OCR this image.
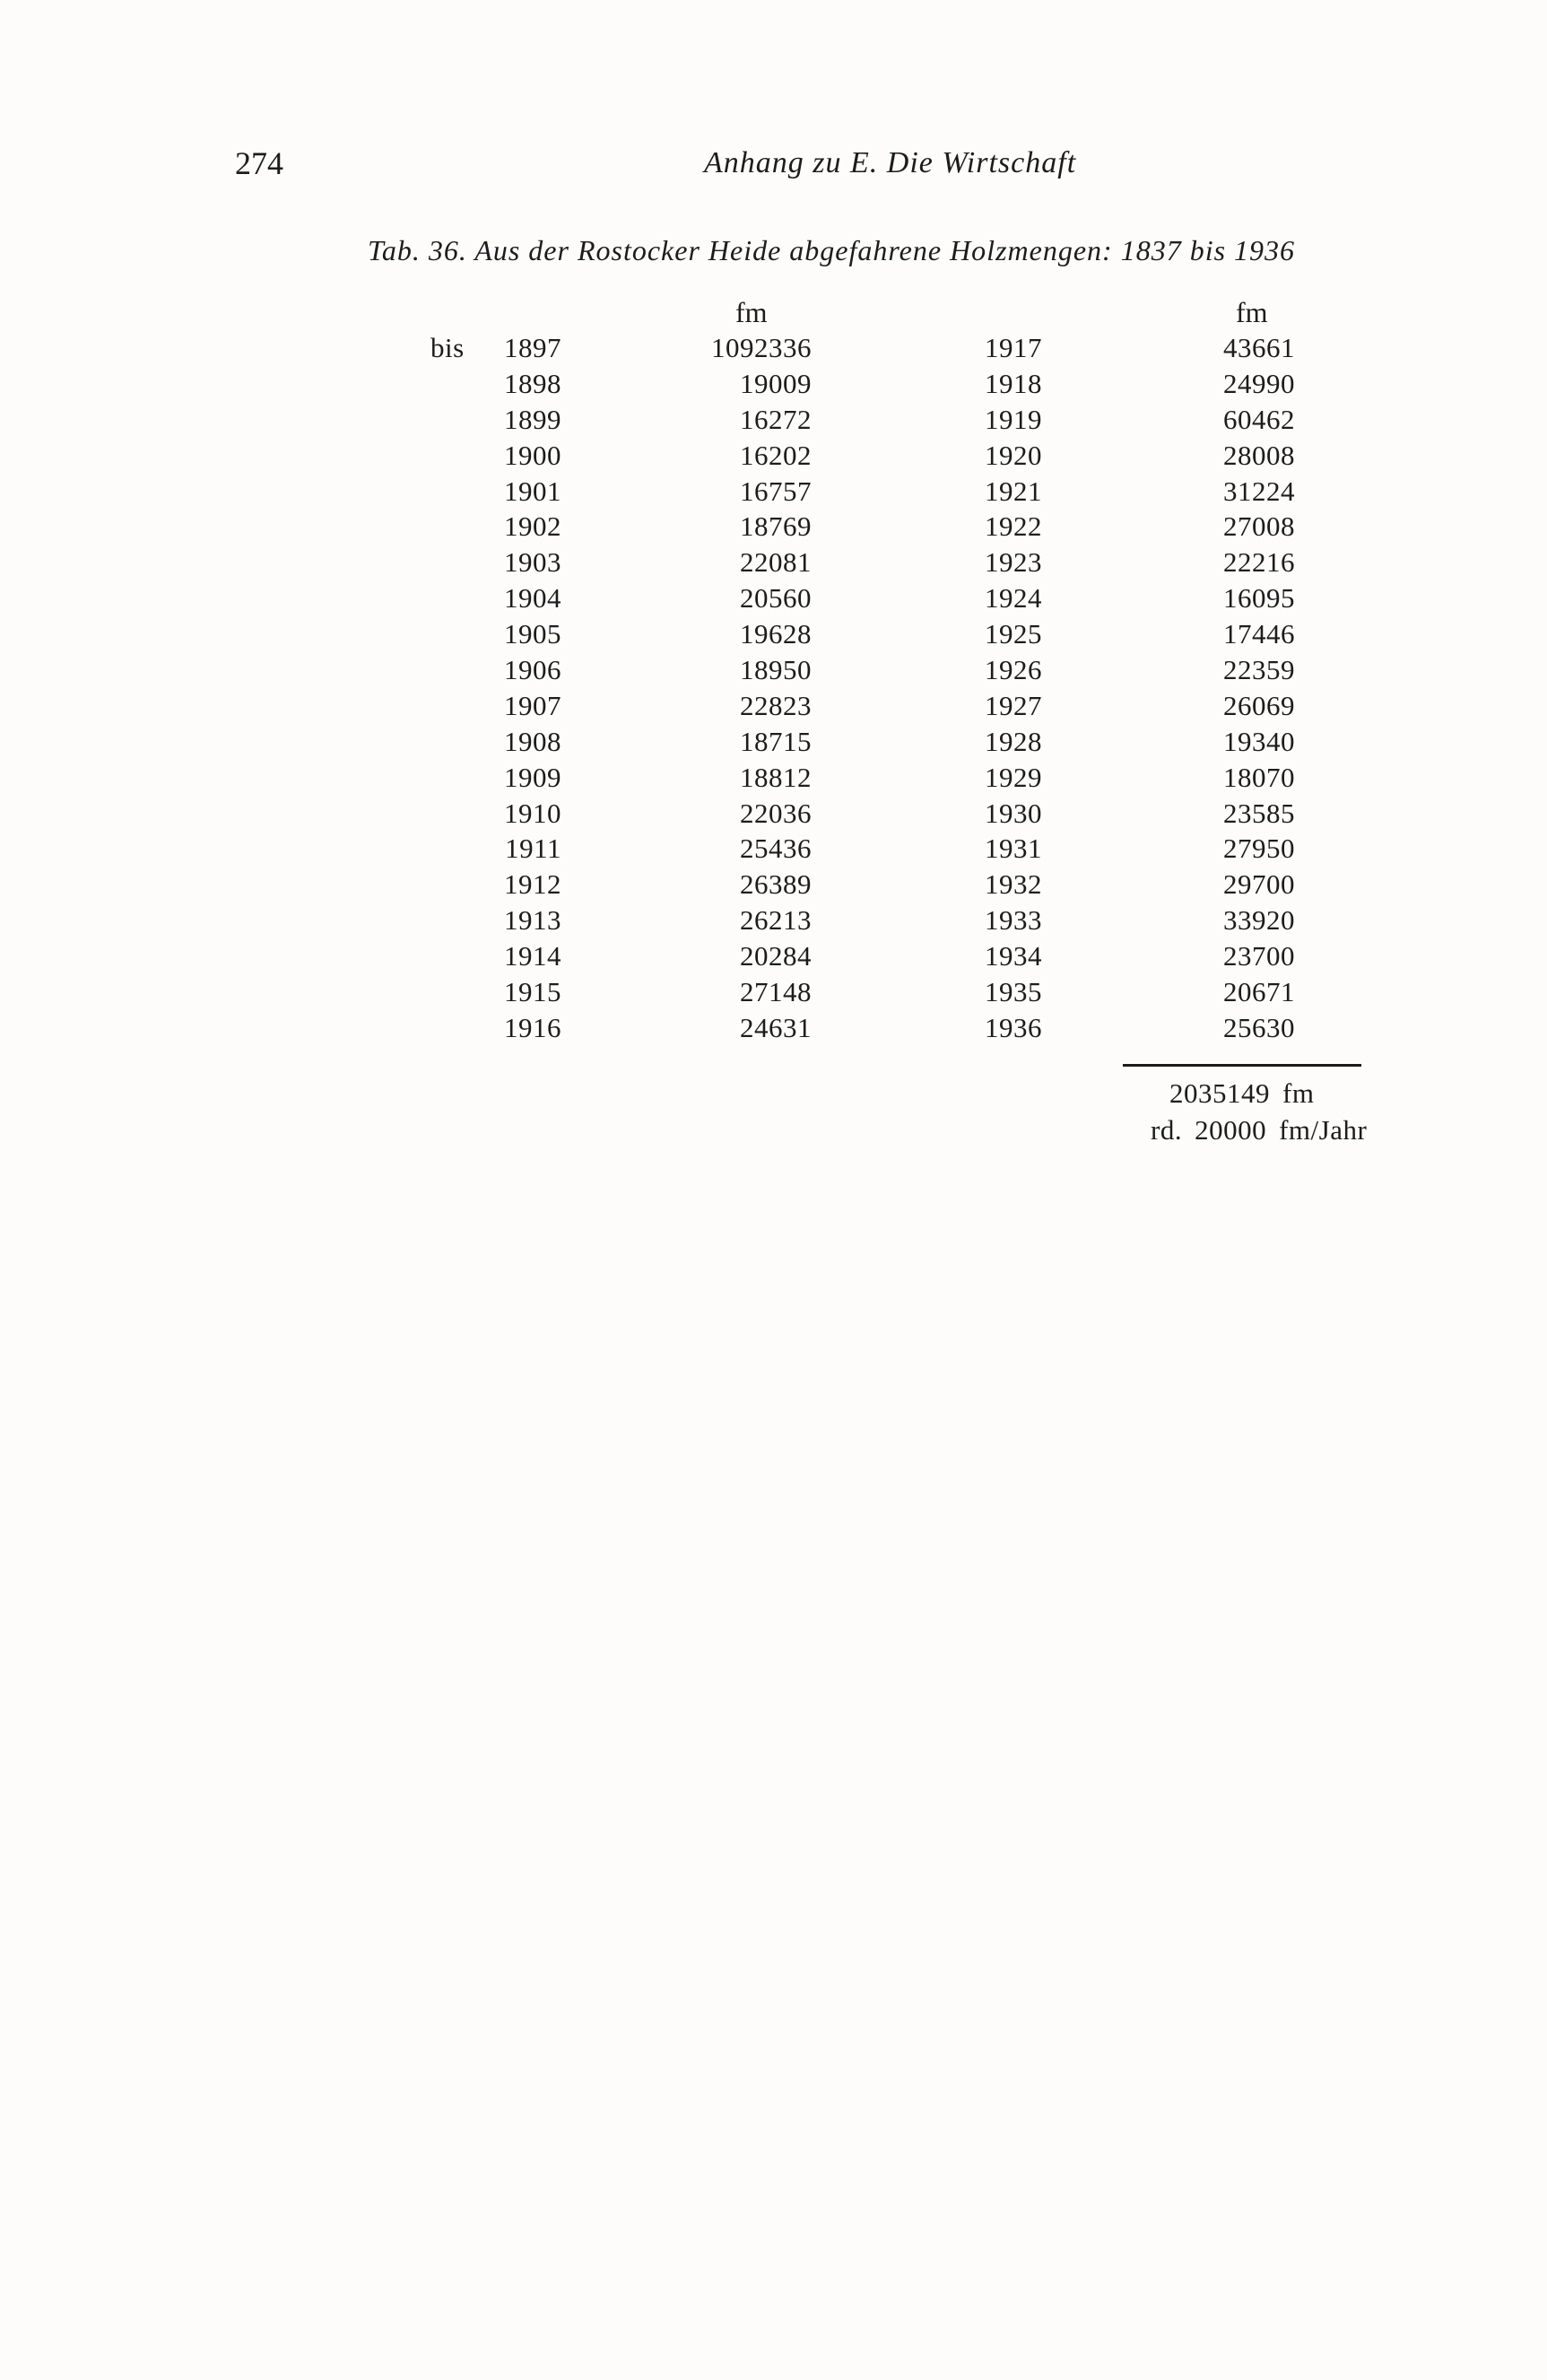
274	Anhang zu E. Die Wirtschaft
Tab. 36. Aus der Rostocker Heide abgefahrene Holzmengen: 1837 bis 1936
fm	fm
bis	1897	1092336	1917	43661
1898	19009	1918	24990
1899	16272	1919	60462
1900	16202	1920	28008
1901	16757	1921	31224
1902	18769	1922	27008
1903	22081	1923	22216
1904	20560	1924	16095
1905	19628	1925	17446
1906	18950	1926	22359
1907	22823	1927	26069
1908	18715	1928	19340
1909	18812	1929	18070
1910	22036	1930	23585
1911	25436	1931	27950
1912	26389	1932	29700
1913	26213	1933	33920
1914	20284	1934	23700
1915	27148	1935	20671
1916	24631	1936	25630
2035149 fm
rd. 20000 fm/Jahr
